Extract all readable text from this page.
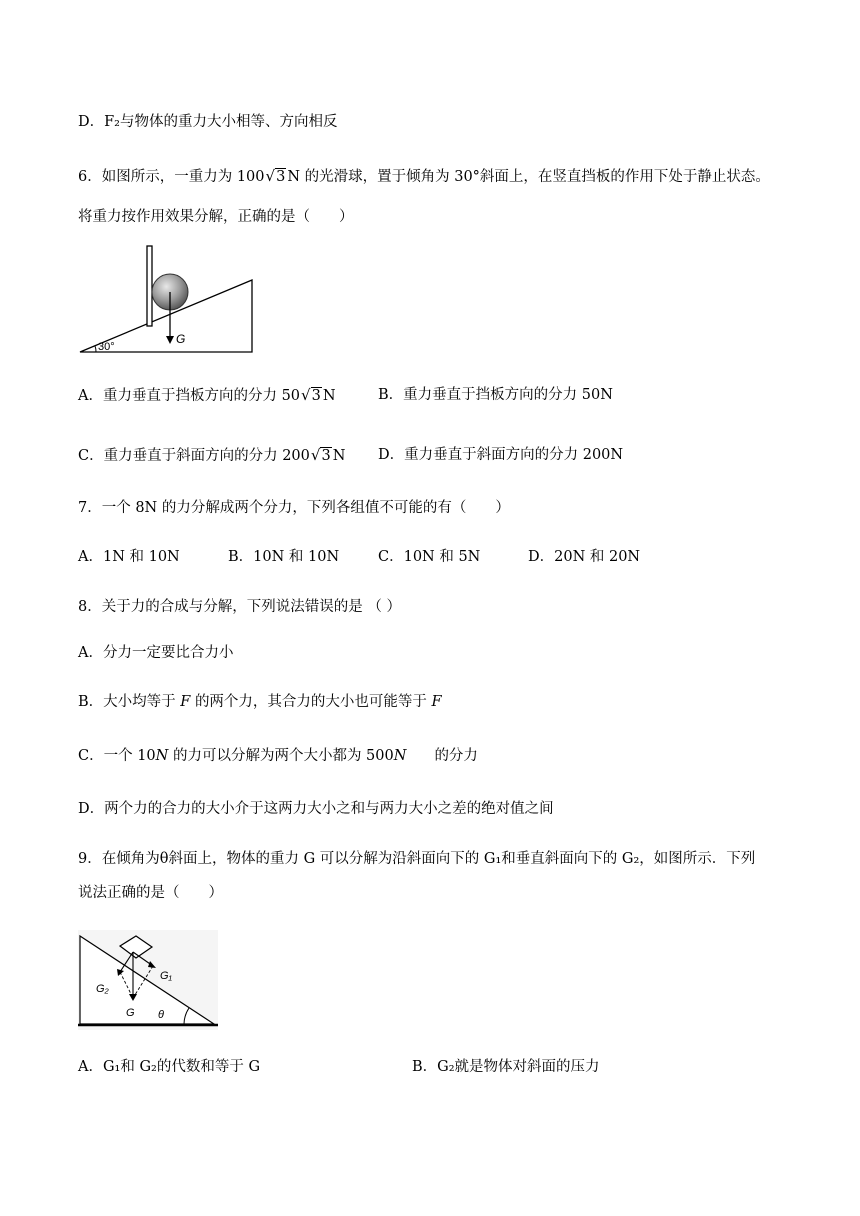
D．F₂与物体的重力大小相等、方向相反
6．如图所示，一重力为 100√3 N 的光滑球，置于倾角为 30°斜面上，在竖直挡板的作用下处于静止状态。
将重力按作用效果分解，正确的是（　　）
G
30°
A．重力垂直于挡板方向的分力 50√3 N	B．重力垂直于挡板方向的分力 50N
C．重力垂直于斜面方向的分力 200√3 N D．重力垂直于斜面方向的分力 200N
7．一个 8N 的力分解成两个分力，下列各组值不可能的有（　　）
A．1N 和 10N	B．10N 和 10N	C．10N 和 5N	D．20N 和 20N
8．关于力的合成与分解，下列说法错误的是 （ ）
A．分力一定要比合力小
B．大小均等于 F 的两个力，其合力的大小也可能等于 F
C．一个 10N 的力可以分解为两个大小都为 500N 的分力
D．两个力的合力的大小介于这两力大小之和与两力大小之差的绝对值之间
9．在倾角为θ斜面上，物体的重力 G 可以分解为沿斜面向下的 G₁和垂直斜面向下的 G₂，如图所示．下列
说法正确的是（　　）
G₁
G₂
G θ
A．G₁和 G₂的代数和等于 G	B．G₂就是物体对斜面的压力
